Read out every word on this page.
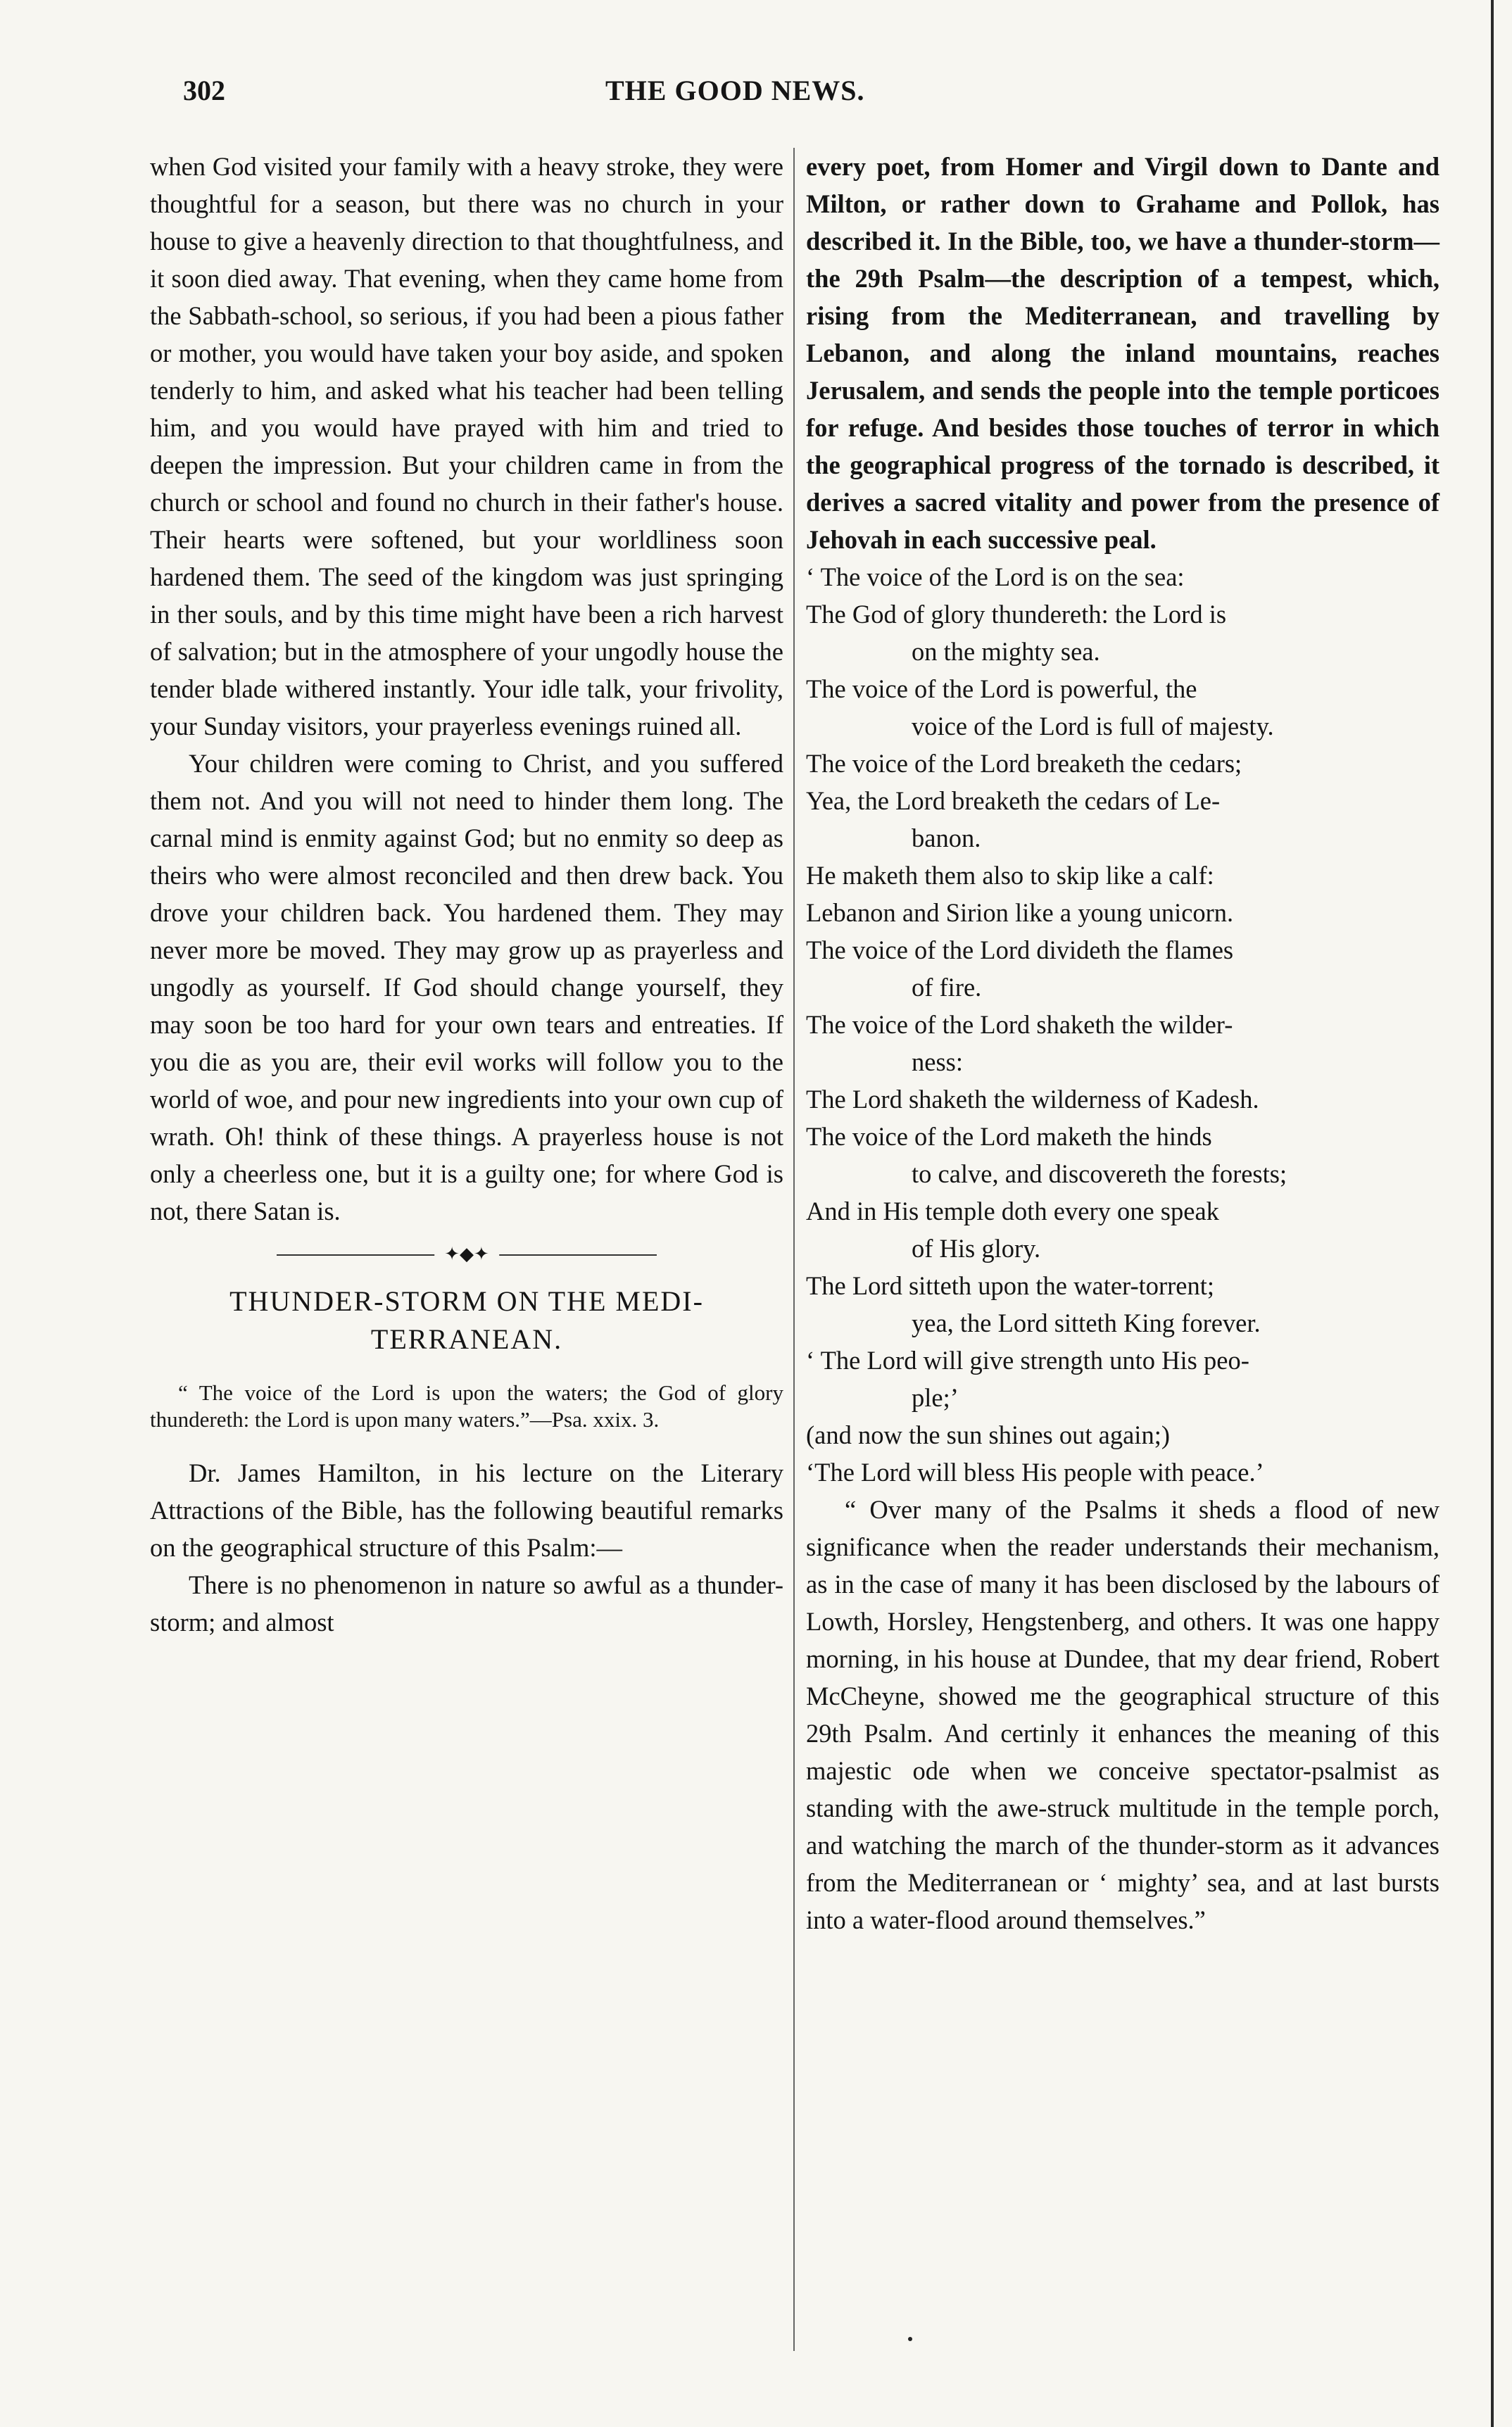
302	THE GOOD NEWS.

when God visited your family with a heavy stroke, they were thoughtful for a season, but there was no church in your house to give a heavenly direction to that thoughtfulness, and it soon died away. That evening, when they came home from the Sabbath-school, so serious, if you had been a pious father or mother, you would have taken your boy aside, and spoken tenderly to him, and asked what his teacher had been telling him, and you would have prayed with him and tried to deepen the impression. But your children came in from the church or school and found no church in their father's house. Their hearts were softened, but your worldliness soon hardened them. The seed of the kingdom was just springing in ther souls, and by this time might have been a rich harvest of salvation; but in the atmosphere of your ungodly house the tender blade withered instantly. Your idle talk, your frivolity, your Sunday visitors, your prayerless evenings ruined all.

Your children were coming to Christ, and you suffered them not. And you will not need to hinder them long. The carnal mind is enmity against God; but no enmity so deep as theirs who were almost reconciled and then drew back. You drove your children back. You hardened them. They may never more be moved. They may grow up as prayerless and ungodly as yourself. If God should change yourself, they may soon be too hard for your own tears and entreaties. If you die as you are, their evil works will follow you to the world of woe, and pour new ingredients into your own cup of wrath. Oh! think of these things. A prayerless house is not only a cheerless one, but it is a guilty one; for where God is not, there Satan is.

✦◆✦
THUNDER-STORM ON THE MEDI-
TERRANEAN.

“ The voice of the Lord is upon the waters; the God of glory thundereth: the Lord is upon many waters.”—Psa. xxix. 3.

Dr. James Hamilton, in his lecture on the Literary Attractions of the Bible, has the following beautiful remarks on the geographical structure of this Psalm:—

There is no phenomenon in nature so awful as a thunder-storm; and almost

every poet, from Homer and Virgil down to Dante and Milton, or rather down to Grahame and Pollok, has described it. In the Bible, too, we have a thunder-storm—the 29th Psalm—the description of a tempest, which, rising from the Mediterranean, and travelling by Lebanon, and along the inland mountains, reaches Jerusalem, and sends the people into the temple porticoes for refuge. And besides those touches of terror in which the geographical progress of the tornado is described, it derives a sacred vitality and power from the presence of Jehovah in each successive peal.

‘ The voice of the Lord is on the sea:
The God of glory thundereth: the Lord is
on the mighty sea.
The voice of the Lord is powerful, the
voice of the Lord is full of majesty.
The voice of the Lord breaketh the cedars;
Yea, the Lord breaketh the cedars of Le-
banon.
He maketh them also to skip like a calf:
Lebanon and Sirion like a young unicorn.
The voice of the Lord divideth the flames
of fire.
The voice of the Lord shaketh the wilder-
ness:
The Lord shaketh the wilderness of Kadesh.
The voice of the Lord maketh the hinds
to calve, and discovereth the forests;
And in His temple doth every one speak
of His glory.
The Lord sitteth upon the water-torrent;
yea, the Lord sitteth King forever.
‘ The Lord will give strength unto His peo-
ple;’
(and now the sun shines out again;)
‘The Lord will bless His people with peace.’

“ Over many of the Psalms it sheds a flood of new significance when the reader understands their mechanism, as in the case of many it has been disclosed by the labours of Lowth, Horsley, Hengstenberg, and others. It was one happy morning, in his house at Dundee, that my dear friend, Robert McCheyne, showed me the geographical structure of this 29th Psalm. And certinly it enhances the meaning of this majestic ode when we conceive spectator-psalmist as standing with the awe-struck multitude in the temple porch, and watching the march of the thunder-storm as it advances from the Mediterranean or ‘ mighty’ sea, and at last bursts into a water-flood around themselves.”
